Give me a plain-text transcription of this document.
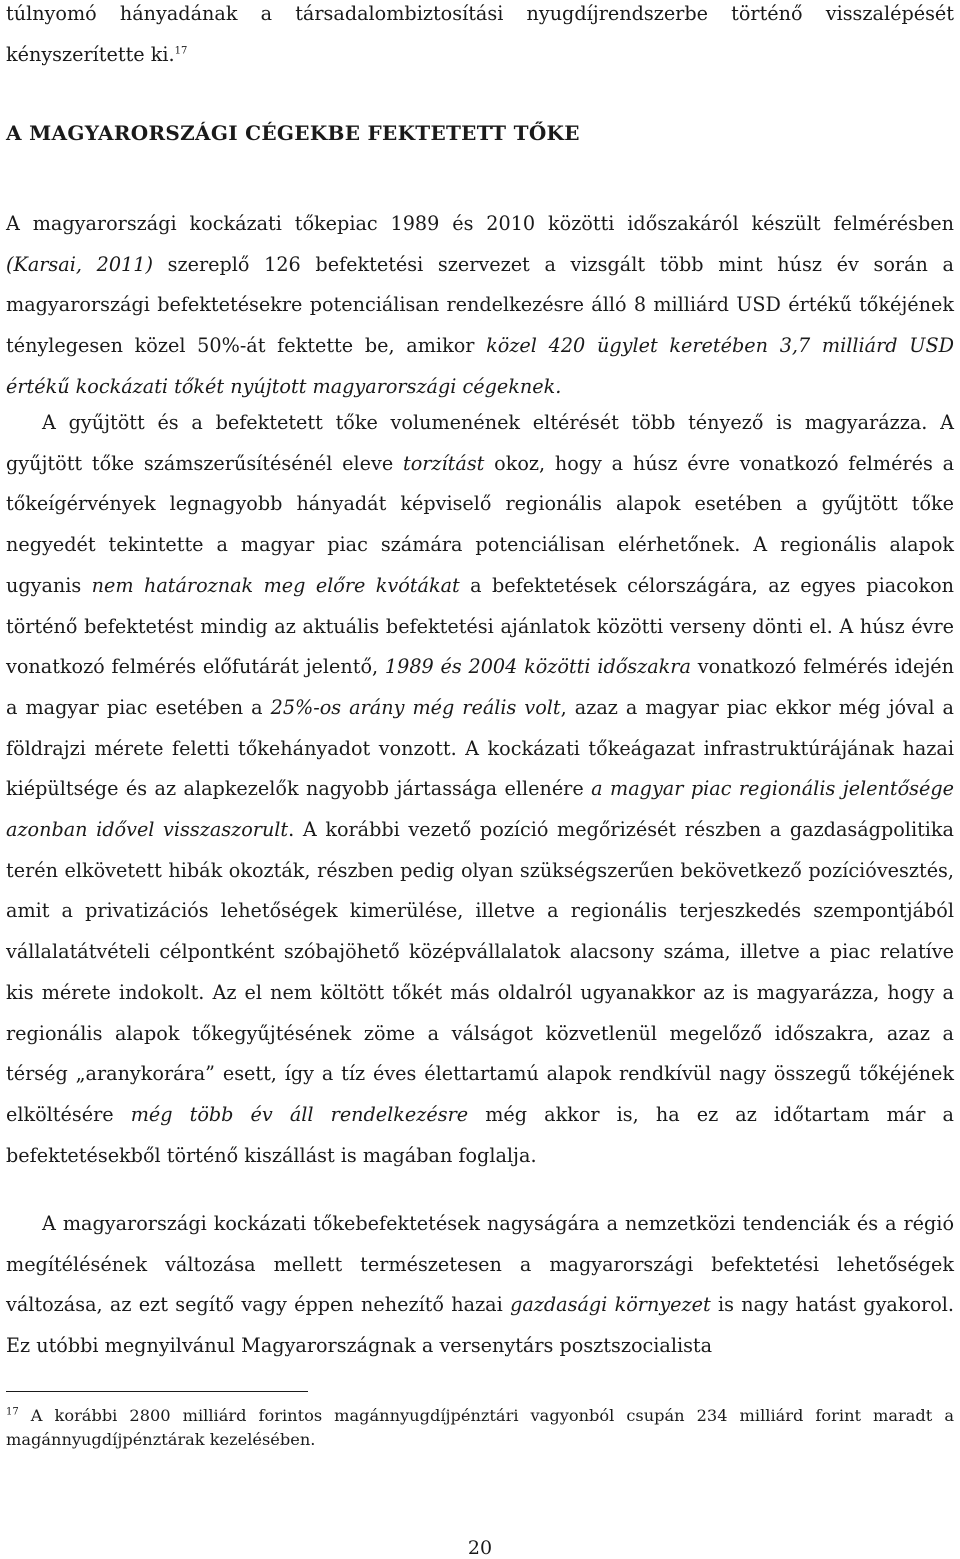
túlnyomó hányadának a társadalombiztosítási nyugdíjrendszerbe történő visszalépését kényszerítette ki.$^{17}$

A MAGYARORSZÁGI CÉGEKBE FEKTETETT TŐKE

A magyarországi kockázati tőkepiac 1989 és 2010 közötti időszakáról készült felmérésben (Karsai, 2011) szereplő 126 befektetési szervezet a vizsgált több mint húsz év során a magyarországi befektetésekre potenciálisan rendelkezésre álló 8 milliárd USD értékű tőkéjének ténylegesen közel 50%-át fektette be, amikor közel 420 ügylet keretében 3,7 milliárd USD értékű kockázati tőkét nyújtott magyarországi cégeknek.

A gyűjtött és a befektetett tőke volumenének eltérését több tényező is magyarázza. A gyűjtött tőke számszerűsítésénél eleve torzítást okoz, hogy a húsz évre vonatkozó felmérés a tőkeígérvények legnagyobb hányadát képviselő regionális alapok esetében a gyűjtött tőke negyedét tekintette a magyar piac számára potenciálisan elérhetőnek. A regionális alapok ugyanis nem határoznak meg előre kvótákat a befektetések célországára, az egyes piacokon történő befektetést mindig az aktuális befektetési ajánlatok közötti verseny dönti el. A húsz évre vonatkozó felmérés előfutárát jelentő, 1989 és 2004 közötti időszakra vonatkozó felmérés idején a magyar piac esetében a 25%-os arány még reális volt, azaz a magyar piac ekkor még jóval a földrajzi mérete feletti tőkehányadot vonzott. A kockázati tőkeágazat infrastruktúrájának hazai kiépültsége és az alapkezelők nagyobb jártassága ellenére a magyar piac regionális jelentősége azonban idővel visszaszorult. A korábbi vezető pozíció megőrizését részben a gazdaságpolitika terén elkövetett hibák okozták, részben pedig olyan szükségszerűen bekövetkező pozícióvesztés, amit a privatizációs lehetőségek kimerülése, illetve a regionális terjeszkedés szempontjából vállalatátvételi célpontként szóbajöhető középvállalatok alacsony száma, illetve a piac relatíve kis mérete indokolt. Az el nem költött tőkét más oldalról ugyanakkor az is magyarázza, hogy a regionális alapok tőkegyűjtésének zöme a válságot közvetlenül megelőző időszakra, azaz a térség „aranykorára” esett, így a tíz éves élettartamú alapok rendkívül nagy összegű tőkéjének elköltésére még több év áll rendelkezésre még akkor is, ha ez az időtartam már a befektetésekből történő kiszállást is magában foglalja.

A magyarországi kockázati tőkebefektetések nagyságára a nemzetközi tendenciák és a régió megítélésének változása mellett természetesen a magyarországi befektetési lehetőségek változása, az ezt segítő vagy éppen nehezítő hazai gazdasági környezet is nagy hatást gyakorol. Ez utóbbi megnyilvánul Magyarországnak a versenytárs posztszocialista

$^{17}$ A korábbi 2800 milliárd forintos magánnyugdíjpénztári vagyonból csupán 234 milliárd forint maradt a magánnyugdíjpénztárak kezelésében.

20
